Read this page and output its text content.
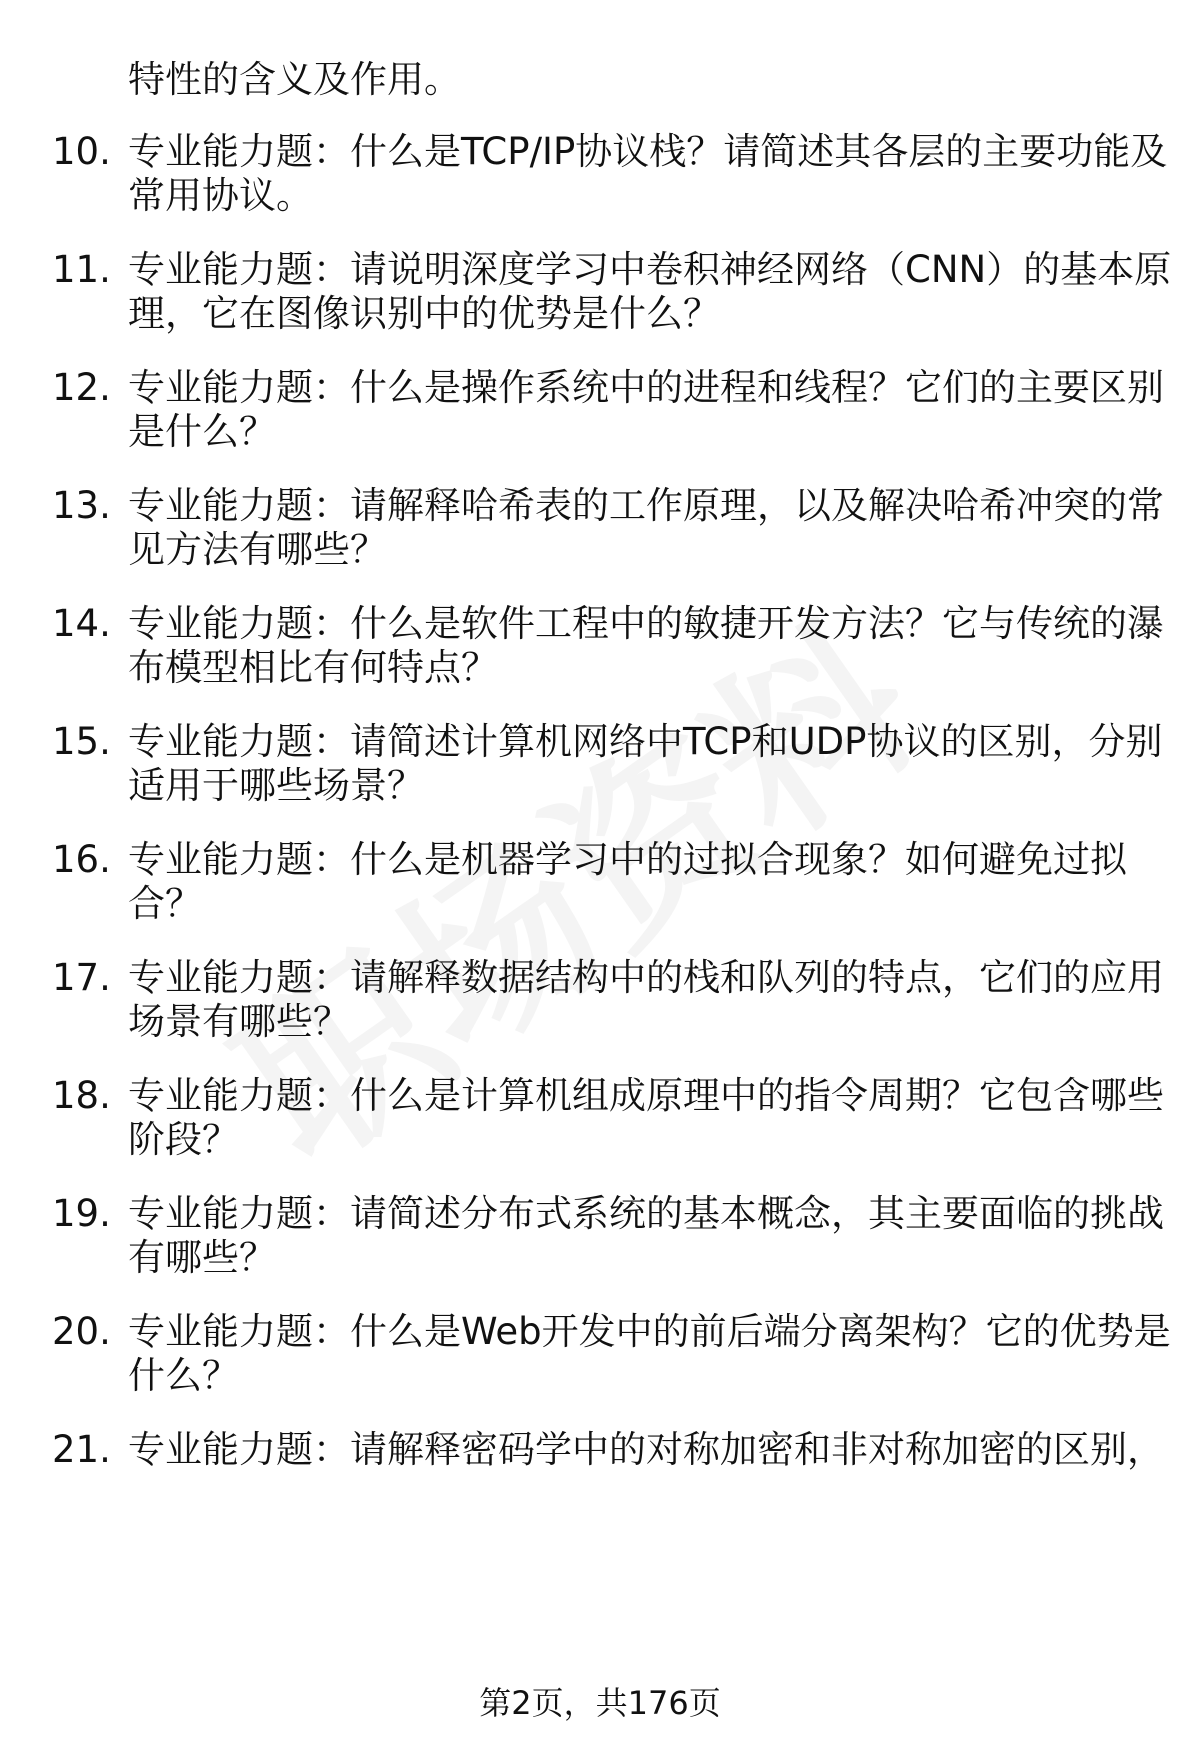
特性的含义及作用。
10. 专业能力题：什么是TCP/IP协议栈？请简述其各层的主要功能及
常用协议。
11. 专业能力题：请说明深度学习中卷积神经网络（CNN）的基本原
理，它在图像识别中的优势是什么？
12. 专业能力题：什么是操作系统中的进程和线程？它们的主要区别
是什么？
13. 专业能力题：请解释哈希表的工作原理，以及解决哈希冲突的常
见方法有哪些？
14. 专业能力题：什么是软件工程中的敏捷开发方法？它与传统的瀑
布模型相比有何特点？
15. 专业能力题：请简述计算机网络中TCP和UDP协议的区别，分别
适用于哪些场景？
16. 专业能力题：什么是机器学习中的过拟合现象？如何避免过拟
合？
17. 专业能力题：请解释数据结构中的栈和队列的特点，它们的应用
场景有哪些？
18. 专业能力题：什么是计算机组成原理中的指令周期？它包含哪些
阶段？
19. 专业能力题：请简述分布式系统的基本概念，其主要面临的挑战
有哪些？
20. 专业能力题：什么是Web开发中的前后端分离架构？它的优势是
什么？
21. 专业能力题：请解释密码学中的对称加密和非对称加密的区别，
第2页，共176页
